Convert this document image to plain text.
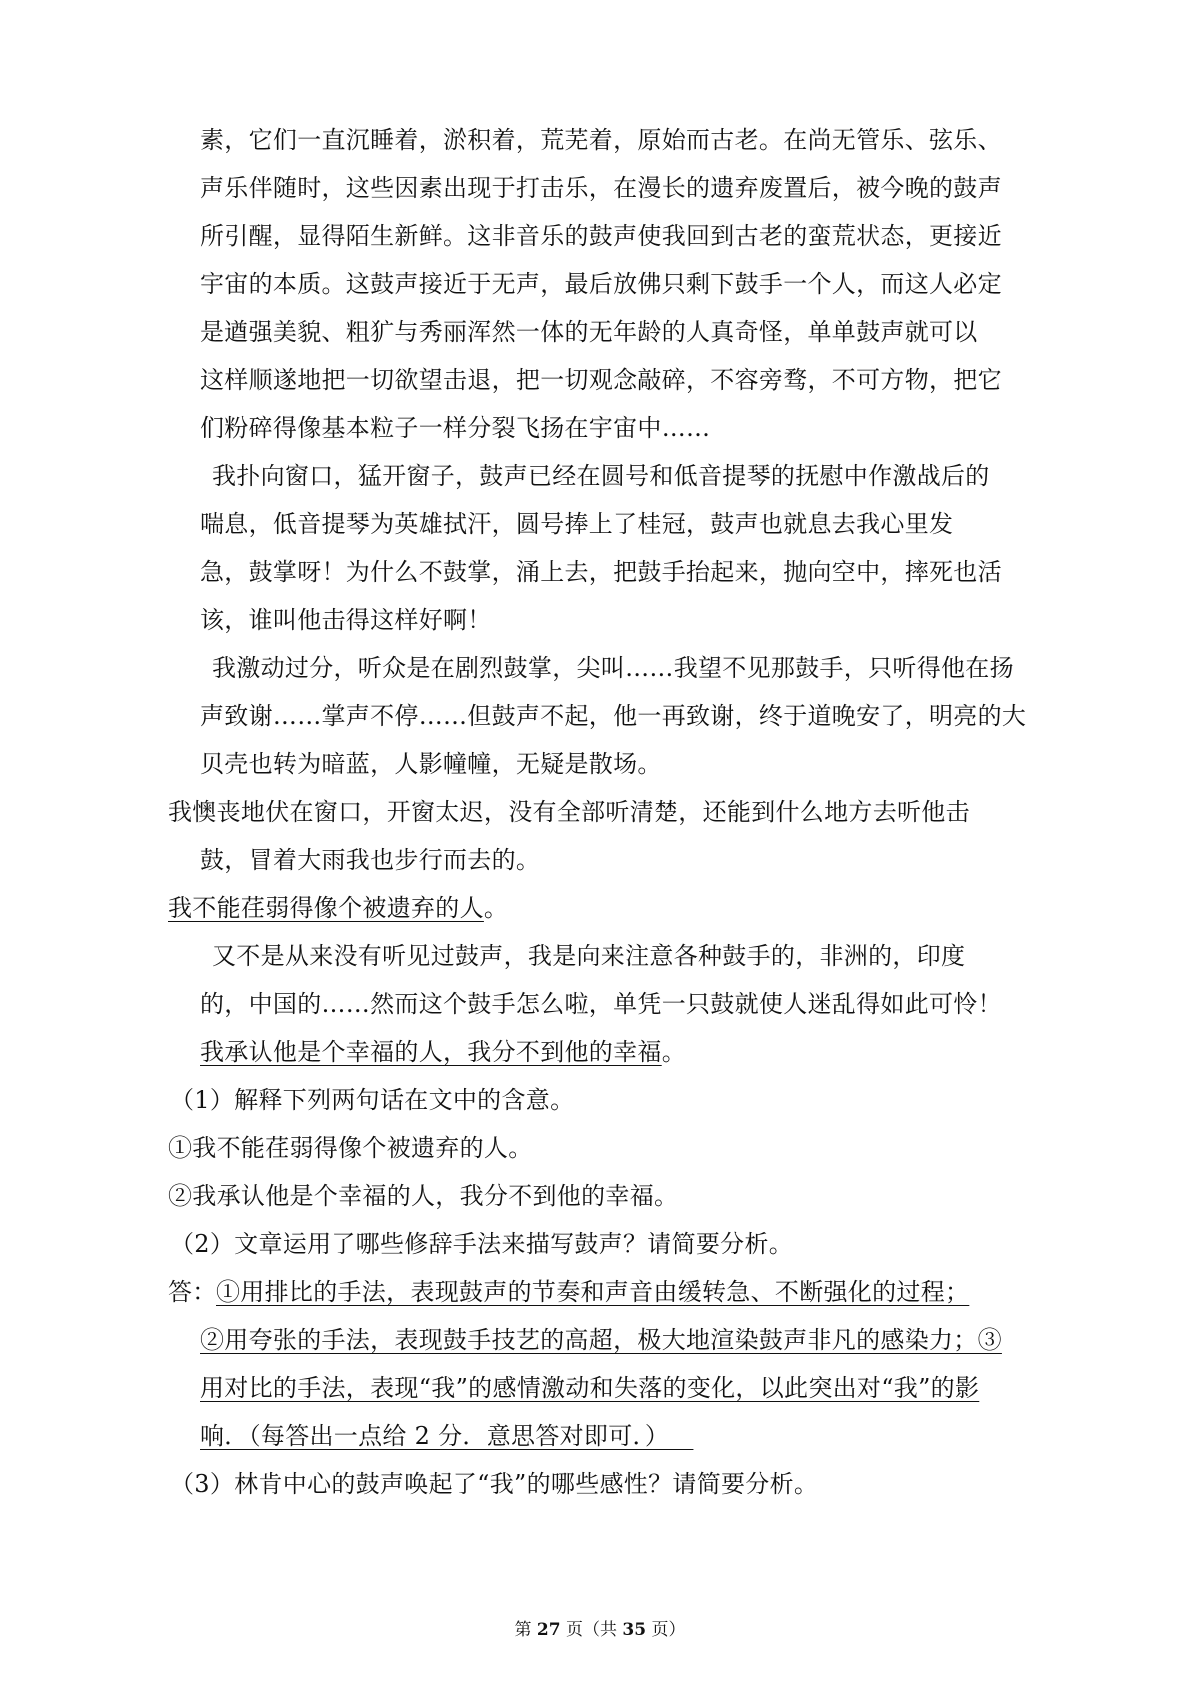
素，它们一直沉睡着，淤积着，荒芜着，原始而古老。在尚无管乐、弦乐、
声乐伴随时，这些因素出现于打击乐，在漫长的遗弃废置后，被今晚的鼓声
所引醒，显得陌生新鲜。这非音乐的鼓声使我回到古老的蛮荒状态，更接近
宇宙的本质。这鼓声接近于无声，最后放佛只剩下鼓手一个人，而这人必定
是遒强美貌、粗犷与秀丽浑然一体的无年龄的人真奇怪，单单鼓声就可以
这样顺遂地把一切欲望击退，把一切观念敲碎，不容旁骛，不可方物，把它
们粉碎得像基本粒子一样分裂飞扬在宇宙中……
我扑向窗口，猛开窗子，鼓声已经在圆号和低音提琴的抚慰中作激战后的
喘息，低音提琴为英雄拭汗，圆号捧上了桂冠，鼓声也就息去我心里发
急，鼓掌呀！为什么不鼓掌，涌上去，把鼓手抬起来，抛向空中，摔死也活
该，谁叫他击得这样好啊！
我激动过分，听众是在剧烈鼓掌，尖叫……我望不见那鼓手，只听得他在扬
声致谢……掌声不停……但鼓声不起，他一再致谢，终于道晚安了，明亮的大
贝壳也转为暗蓝，人影幢幢，无疑是散场。
我懊丧地伏在窗口，开窗太迟，没有全部听清楚，还能到什么地方去听他击
鼓，冒着大雨我也步行而去的。
我不能荏弱得像个被遗弃的人。
又不是从来没有听见过鼓声，我是向来注意各种鼓手的，非洲的，印度
的，中国的……然而这个鼓手怎么啦，单凭一只鼓就使人迷乱得如此可怜！
我承认他是个幸福的人，我分不到他的幸福。
（1）解释下列两句话在文中的含意。
①我不能荏弱得像个被遗弃的人。
②我承认他是个幸福的人，我分不到他的幸福。
（2）文章运用了哪些修辞手法来描写鼓声？请简要分析。
答： ①用排比的手法，表现鼓声的节奏和声音由缓转急、不断强化的过程；
②用夸张的手法，表现鼓手技艺的高超，极大地渲染鼓声非凡的感染力；③
用对比的手法，表现“我”的感情激动和失落的变化，以此突出对“我”的影
响．（每答出一点给 2 分．意思答对即可．） 
（3）林肯中心的鼓声唤起了“我”的哪些感性？请简要分析。
第 27 页（共 35 页）
